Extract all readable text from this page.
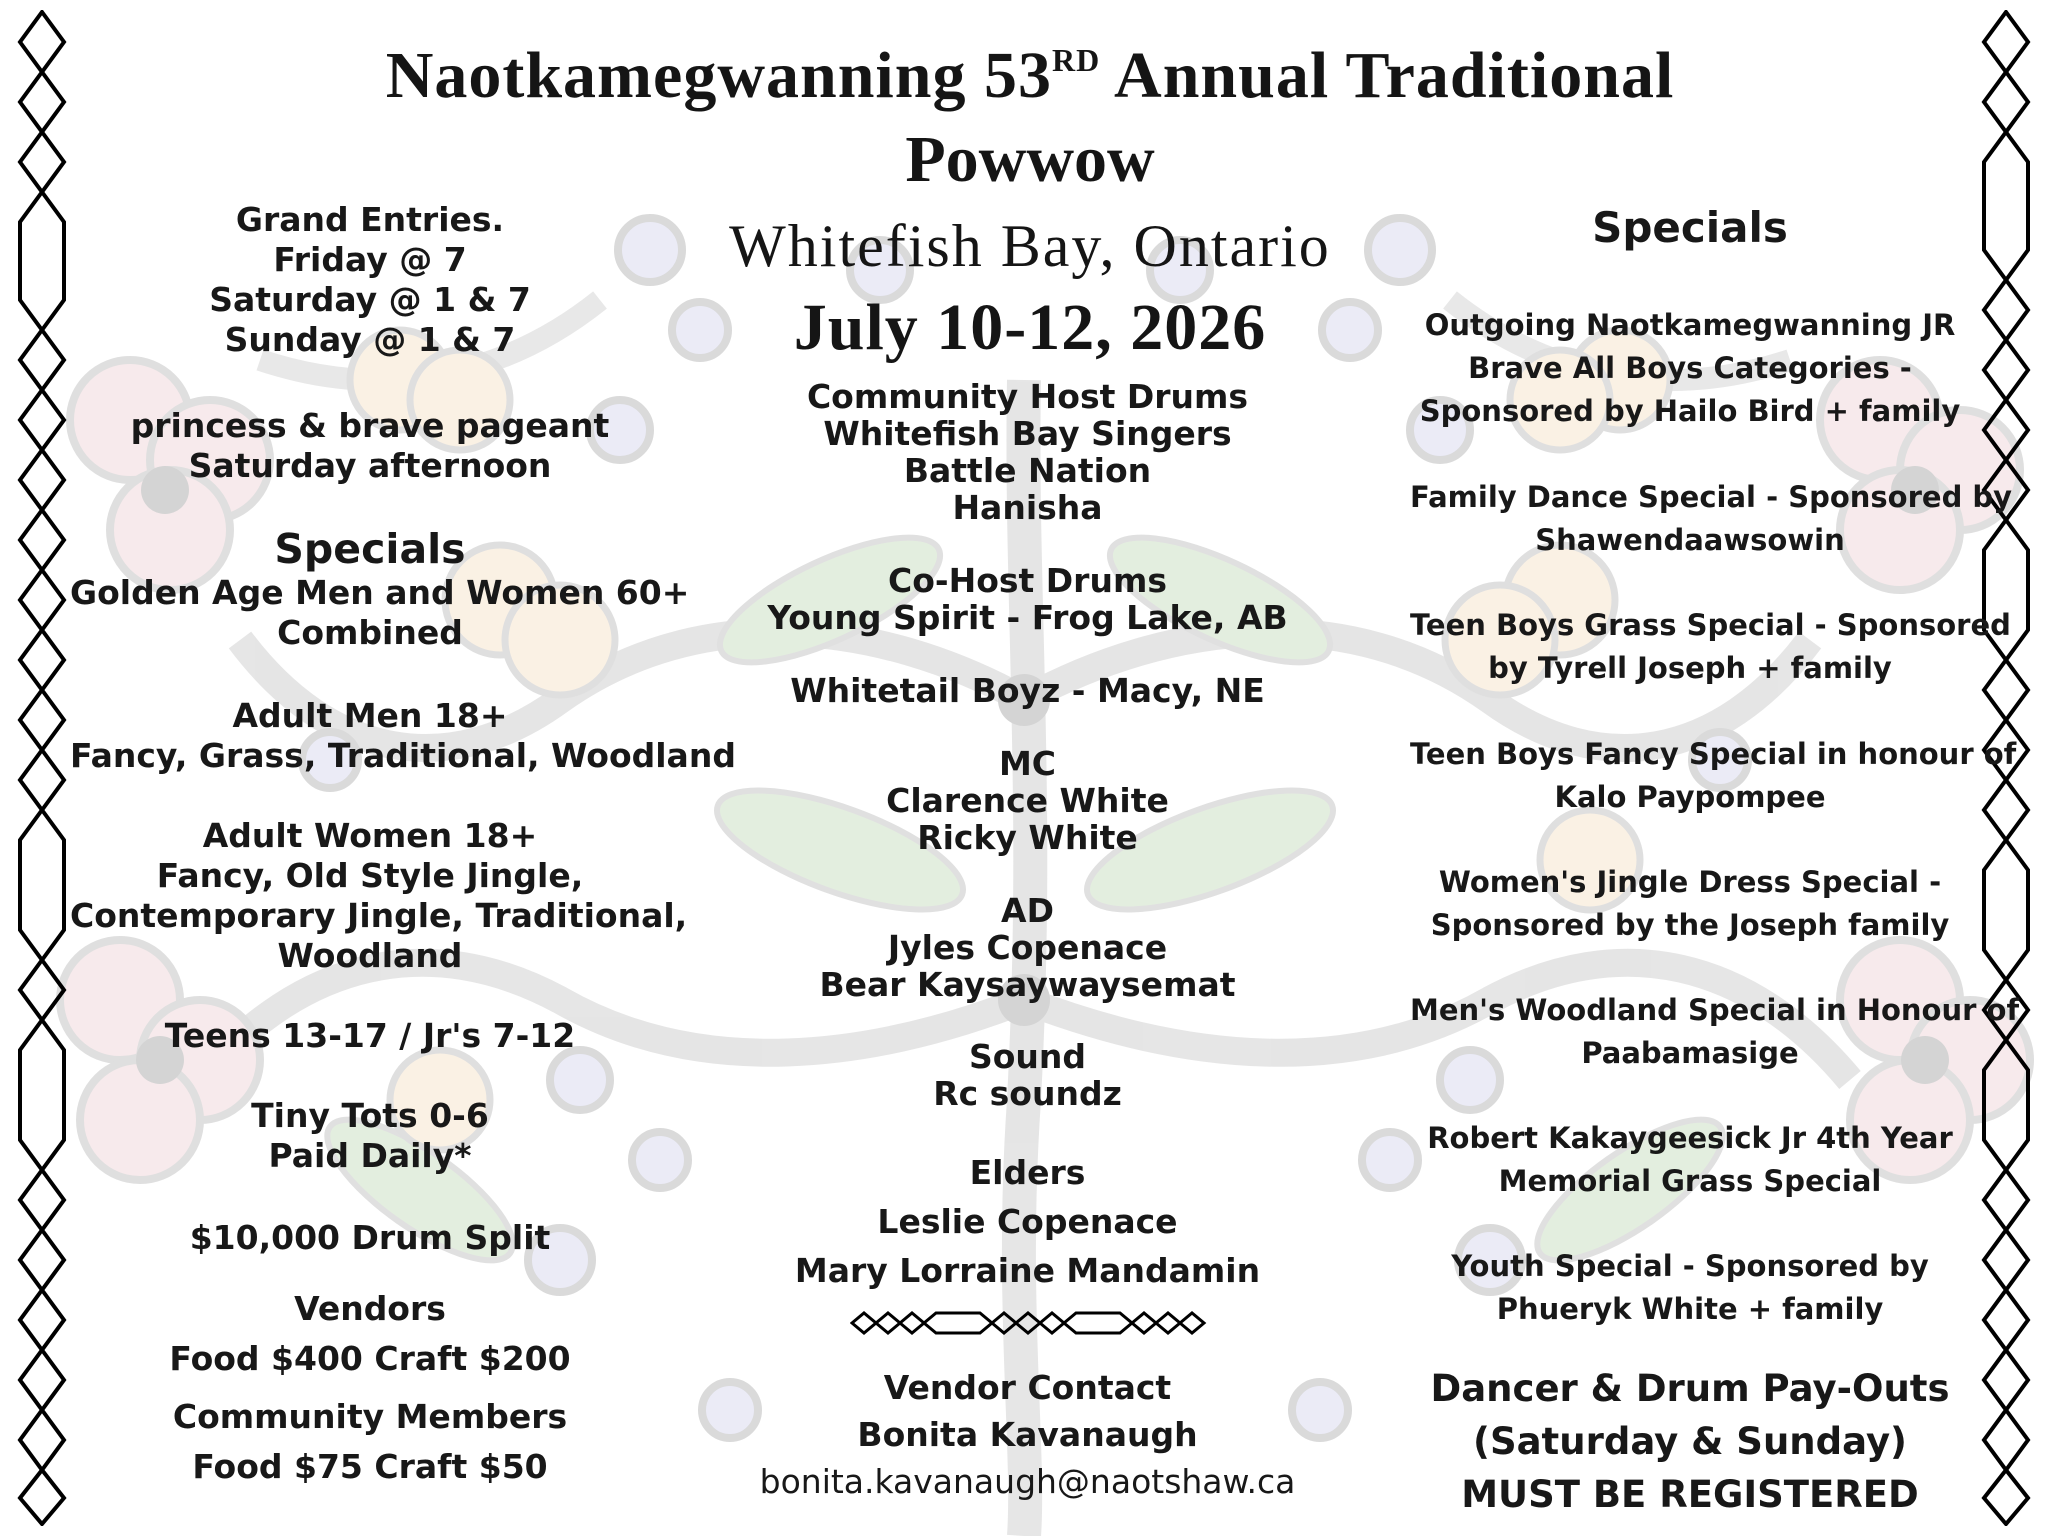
Naotkamegwanning 53RD Annual Traditional
Powwow
Whitefish Bay, Ontario
July 10-12, 2026
Grand Entries.
Friday @ 7
Saturday @ 1 & 7
Sunday @ 1 & 7
princess & brave pageant
Saturday afternoon
Specials
Golden Age Men and Women 60+
Combined
Adult Men 18+
Fancy, Grass, Traditional, Woodland
Adult Women 18+
Fancy, Old Style Jingle,
Contemporary Jingle, Traditional,
Woodland
Teens 13-17 / Jr's 7-12
Tiny Tots 0-6
Paid Daily*
$10,000 Drum Split
Vendors
Food $400 Craft $200
Community Members
Food $75 Craft $50
Community Host Drums
Whitefish Bay Singers
Battle Nation
Hanisha
Co-Host Drums
Young Spirit - Frog Lake, AB
Whitetail Boyz - Macy, NE
MC
Clarence White
Ricky White
AD
Jyles Copenace
Bear Kaysaywaysemat
Sound
Rc soundz
Elders
Leslie Copenace
Mary Lorraine Mandamin
Vendor Contact
Bonita Kavanaugh
bonita.kavanaugh@naotshaw.ca
Specials
Outgoing Naotkamegwanning JR
Brave All Boys Categories -
Sponsored by Hailo Bird + family
Family Dance Special - Sponsored by
Shawendaawsowin
Teen Boys Grass Special - Sponsored
by Tyrell Joseph + family
Teen Boys Fancy Special in honour of
Kalo Paypompee
Women's Jingle Dress Special -
Sponsored by the Joseph family
Men's Woodland Special in Honour of
Paabamasige
Robert Kakaygeesick Jr 4th Year
Memorial Grass Special
Youth Special - Sponsored by
Phueryk White + family
Dancer & Drum Pay-Outs
(Saturday & Sunday)
MUST BE REGISTERED
